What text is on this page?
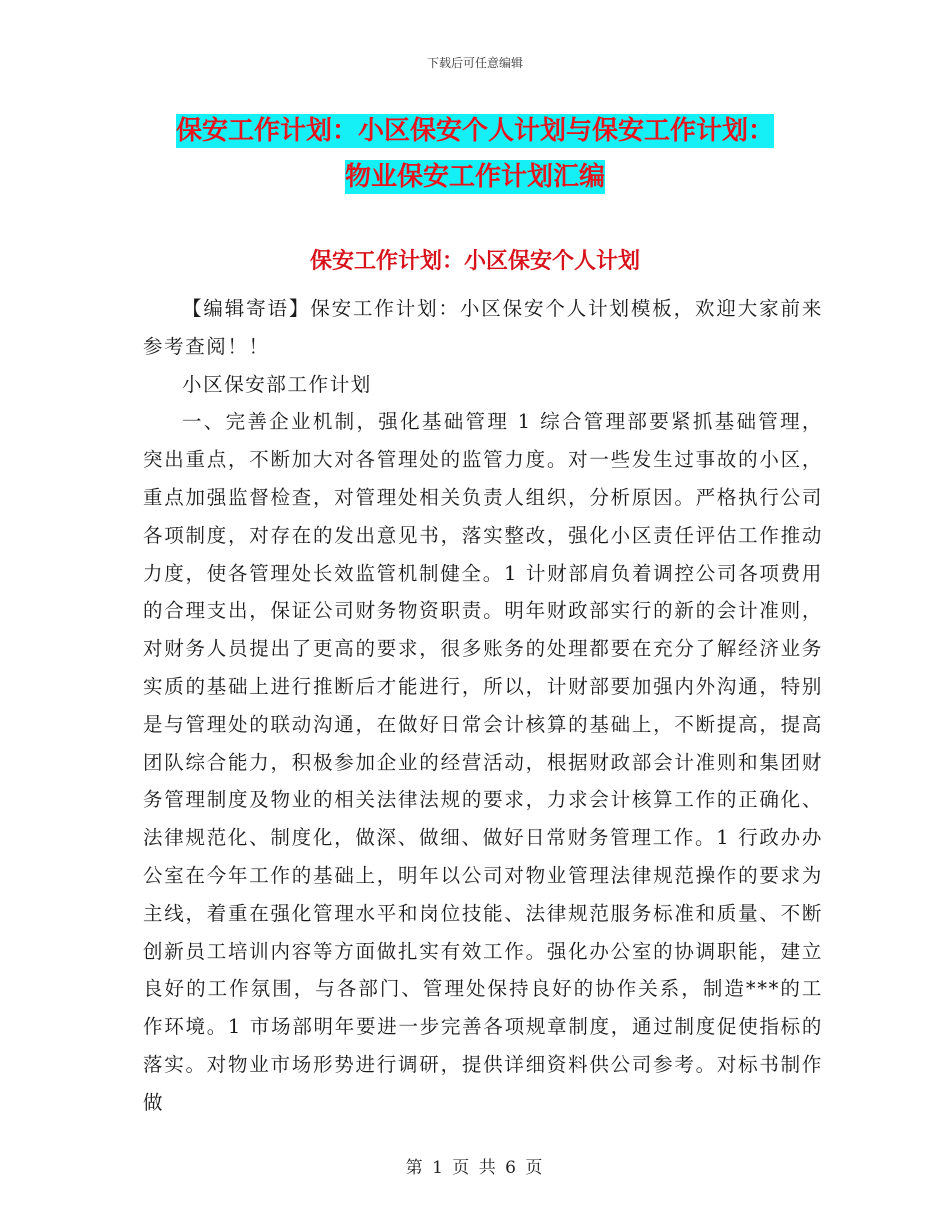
下载后可任意编辑
保安工作计划：小区保安个人计划与保安工作计划：
物业保安工作计划汇编
保安工作计划：小区保安个人计划

【编辑寄语】保安工作计划：小区保安个人计划模板，欢迎大家前来参考查阅！！

小区保安部工作计划

一、完善企业机制，强化基础管理 1 综合管理部要紧抓基础管理，突出重点，不断加大对各管理处的监管力度。对一些发生过事故的小区，重点加强监督检查，对管理处相关负责人组织，分析原因。严格执行公司各项制度，对存在的发出意见书，落实整改，强化小区责任评估工作推动力度，使各管理处长效监管机制健全。1 计财部肩负着调控公司各项费用的合理支出，保证公司财务物资职责。明年财政部实行的新的会计准则，对财务人员提出了更高的要求，很多账务的处理都要在充分了解经济业务实质的基础上进行推断后才能进行，所以，计财部要加强内外沟通，特别是与管理处的联动沟通，在做好日常会计核算的基础上，不断提高，提高团队综合能力，积极参加企业的经营活动，根据财政部会计准则和集团财务管理制度及物业的相关法律法规的要求，力求会计核算工作的正确化、法律规范化、制度化，做深、做细、做好日常财务管理工作。1 行政办办公室在今年工作的基础上，明年以公司对物业管理法律规范操作的要求为主线，着重在强化管理水平和岗位技能、法律规范服务标准和质量、不断创新员工培训内容等方面做扎实有效工作。强化办公室的协调职能，建立良好的工作氛围，与各部门、管理处保持良好的协作关系，制造***的工作环境。1 市场部明年要进一步完善各项规章制度，通过制度促使指标的落实。对物业市场形势进行调研，提供详细资料供公司参考。对标书制作做

第 1 页 共 6 页
